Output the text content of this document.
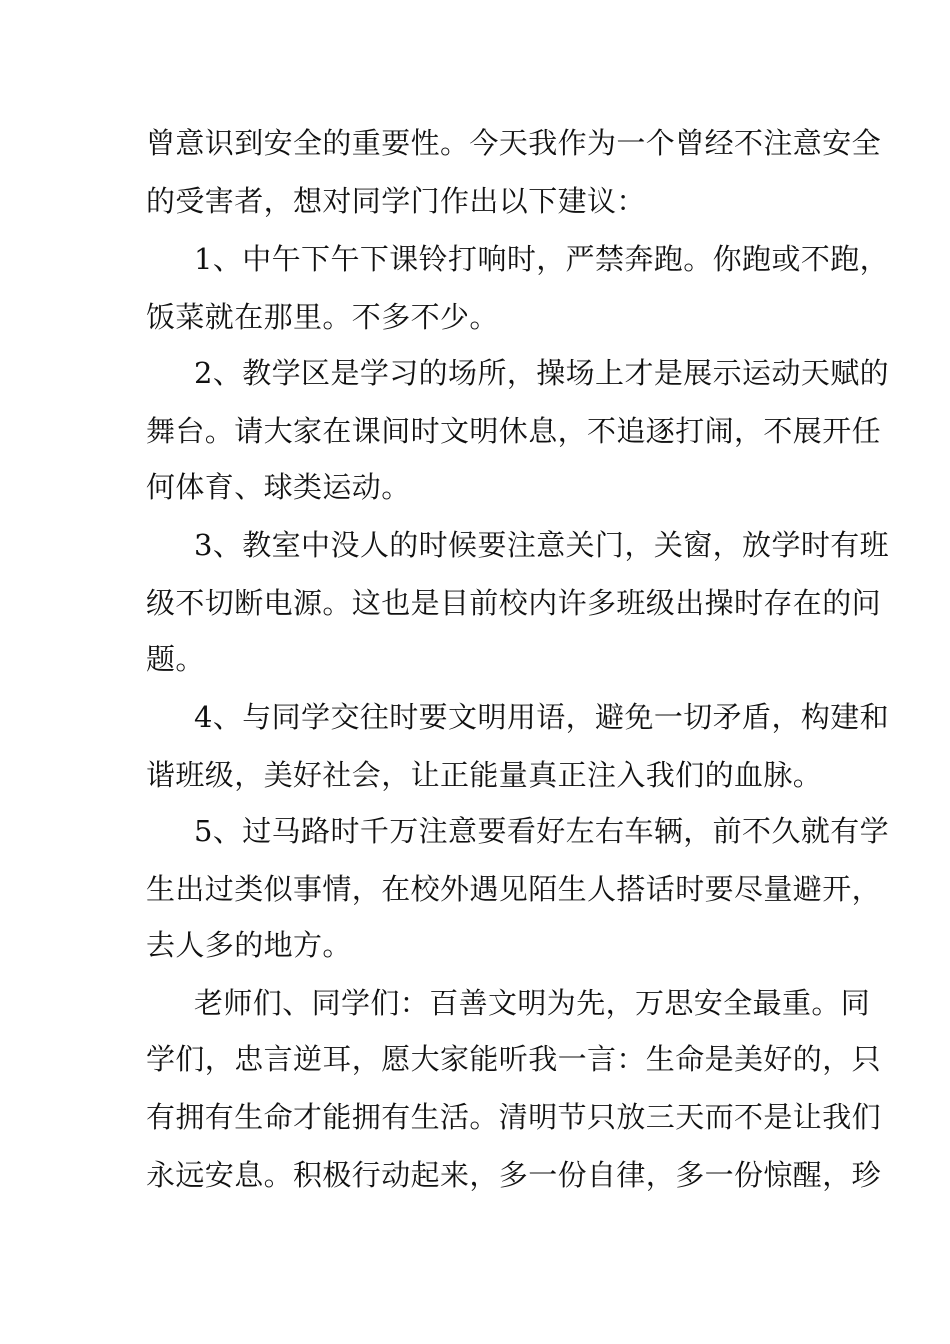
曾意识到安全的重要性。今天我作为一个曾经不注意安全
的受害者，想对同学门作出以下建议：
1、中午下午下课铃打响时，严禁奔跑。你跑或不跑，
饭菜就在那里。不多不少。
2、教学区是学习的场所，操场上才是展示运动天赋的
舞台。请大家在课间时文明休息，不追逐打闹，不展开任
何体育、球类运动。
3、教室中没人的时候要注意关门，关窗，放学时有班
级不切断电源。这也是目前校内许多班级出操时存在的问
题。
4、与同学交往时要文明用语，避免一切矛盾，构建和
谐班级，美好社会，让正能量真正注入我们的血脉。
5、过马路时千万注意要看好左右车辆，前不久就有学
生出过类似事情，在校外遇见陌生人搭话时要尽量避开，
去人多的地方。
老师们、同学们：百善文明为先，万思安全最重。同
学们，忠言逆耳，愿大家能听我一言：生命是美好的，只
有拥有生命才能拥有生活。清明节只放三天而不是让我们
永远安息。积极行动起来，多一份自律，多一份惊醒，珍
